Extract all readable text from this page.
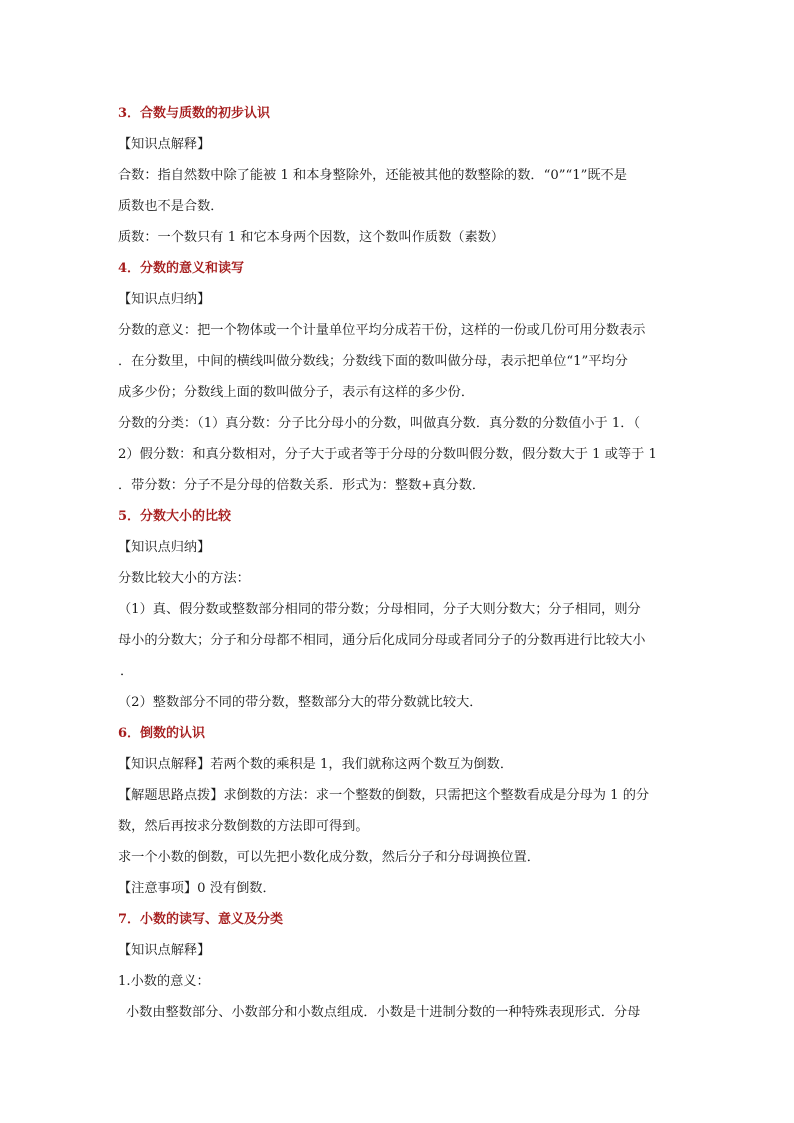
3．合数与质数的初步认识
【知识点解释】
合数：指自然数中除了能被 1 和本身整除外，还能被其他的数整除的数．“0”“1”既不是
质数也不是合数．
质数：一个数只有 1 和它本身两个因数，这个数叫作质数（素数）
4．分数的意义和读写
【知识点归纳】
分数的意义：把一个物体或一个计量单位平均分成若干份，这样的一份或几份可用分数表示
．在分数里，中间的横线叫做分数线；分数线下面的数叫做分母，表示把单位“1”平均分
成多少份；分数线上面的数叫做分子，表示有这样的多少份．
分数的分类：（1）真分数：分子比分母小的分数，叫做真分数．真分数的分数值小于 1．（
2）假分数：和真分数相对，分子大于或者等于分母的分数叫假分数，假分数大于 1 或等于 1
．带分数：分子不是分母的倍数关系．形式为：整数+真分数．
5．分数大小的比较
【知识点归纳】
分数比较大小的方法：
（1）真、假分数或整数部分相同的带分数；分母相同，分子大则分数大；分子相同，则分
母小的分数大；分子和分母都不相同，通分后化成同分母或者同分子的分数再进行比较大小
．
（2）整数部分不同的带分数，整数部分大的带分数就比较大．
6．倒数的认识
【知识点解释】若两个数的乘积是 1，我们就称这两个数互为倒数．
【解题思路点拨】求倒数的方法：求一个整数的倒数，只需把这个整数看成是分母为 1 的分
数，然后再按求分数倒数的方法即可得到。
求一个小数的倒数，可以先把小数化成分数，然后分子和分母调换位置．
【注意事项】0 没有倒数．
7．小数的读写、意义及分类
【知识点解释】
1.小数的意义：
小数由整数部分、小数部分和小数点组成．小数是十进制分数的一种特殊表现形式．分母
